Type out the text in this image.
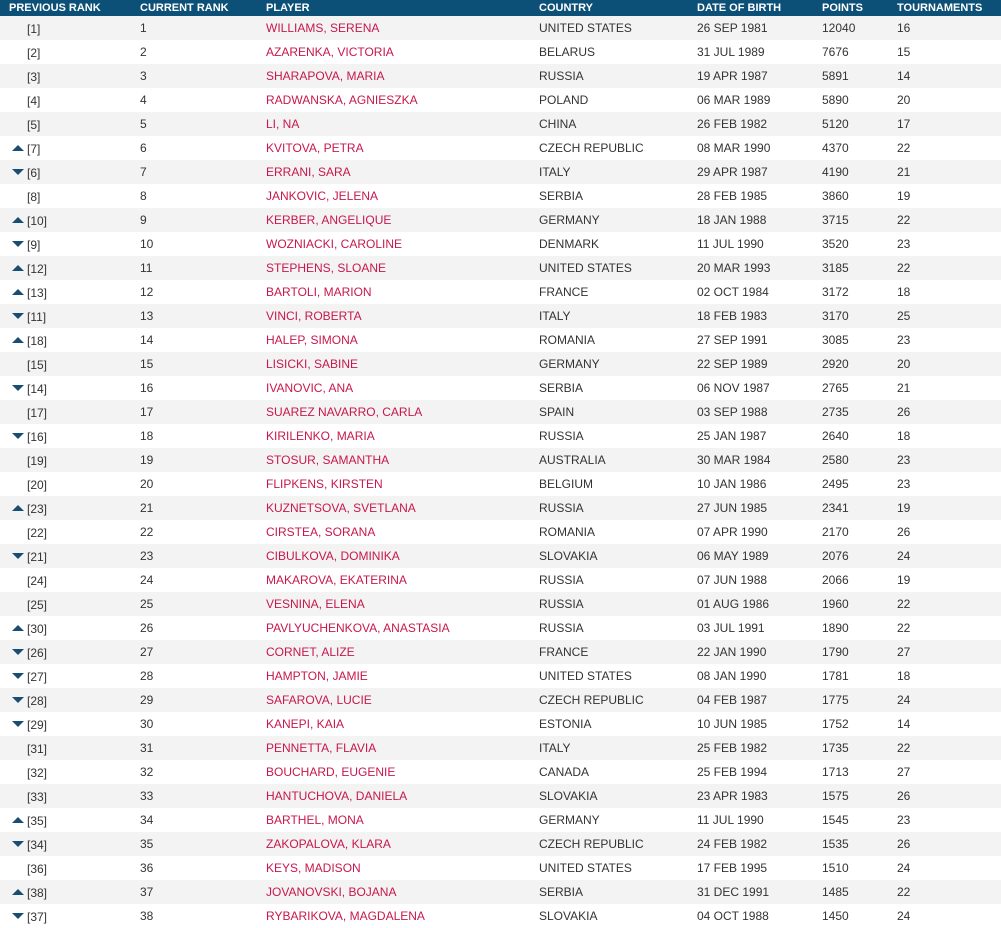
PREVIOUS RANK	CURRENT RANK	PLAYER	COUNTRY	DATE OF BIRTH	POINTS	TOURNAMENTS
[1]	1	WILLIAMS, SERENA	UNITED STATES	26 SEP 1981	12040	16
[2]	2	AZARENKA, VICTORIA	BELARUS	31 JUL 1989	7676	15
[3]	3	SHARAPOVA, MARIA	RUSSIA	19 APR 1987	5891	14
[4]	4	RADWANSKA, AGNIESZKA	POLAND	06 MAR 1989	5890	20
[5]	5	LI, NA	CHINA	26 FEB 1982	5120	17
[7]	6	KVITOVA, PETRA	CZECH REPUBLIC	08 MAR 1990	4370	22
[6]	7	ERRANI, SARA	ITALY	29 APR 1987	4190	21
[8]	8	JANKOVIC, JELENA	SERBIA	28 FEB 1985	3860	19
[10]	9	KERBER, ANGELIQUE	GERMANY	18 JAN 1988	3715	22
[9]	10	WOZNIACKI, CAROLINE	DENMARK	11 JUL 1990	3520	23
[12]	11	STEPHENS, SLOANE	UNITED STATES	20 MAR 1993	3185	22
[13]	12	BARTOLI, MARION	FRANCE	02 OCT 1984	3172	18
[11]	13	VINCI, ROBERTA	ITALY	18 FEB 1983	3170	25
[18]	14	HALEP, SIMONA	ROMANIA	27 SEP 1991	3085	23
[15]	15	LISICKI, SABINE	GERMANY	22 SEP 1989	2920	20
[14]	16	IVANOVIC, ANA	SERBIA	06 NOV 1987	2765	21
[17]	17	SUAREZ NAVARRO, CARLA	SPAIN	03 SEP 1988	2735	26
[16]	18	KIRILENKO, MARIA	RUSSIA	25 JAN 1987	2640	18
[19]	19	STOSUR, SAMANTHA	AUSTRALIA	30 MAR 1984	2580	23
[20]	20	FLIPKENS, KIRSTEN	BELGIUM	10 JAN 1986	2495	23
[23]	21	KUZNETSOVA, SVETLANA	RUSSIA	27 JUN 1985	2341	19
[22]	22	CIRSTEA, SORANA	ROMANIA	07 APR 1990	2170	26
[21]	23	CIBULKOVA, DOMINIKA	SLOVAKIA	06 MAY 1989	2076	24
[24]	24	MAKAROVA, EKATERINA	RUSSIA	07 JUN 1988	2066	19
[25]	25	VESNINA, ELENA	RUSSIA	01 AUG 1986	1960	22
[30]	26	PAVLYUCHENKOVA, ANASTASIA	RUSSIA	03 JUL 1991	1890	22
[26]	27	CORNET, ALIZE	FRANCE	22 JAN 1990	1790	27
[27]	28	HAMPTON, JAMIE	UNITED STATES	08 JAN 1990	1781	18
[28]	29	SAFAROVA, LUCIE	CZECH REPUBLIC	04 FEB 1987	1775	24
[29]	30	KANEPI, KAIA	ESTONIA	10 JUN 1985	1752	14
[31]	31	PENNETTA, FLAVIA	ITALY	25 FEB 1982	1735	22
[32]	32	BOUCHARD, EUGENIE	CANADA	25 FEB 1994	1713	27
[33]	33	HANTUCHOVA, DANIELA	SLOVAKIA	23 APR 1983	1575	26
[35]	34	BARTHEL, MONA	GERMANY	11 JUL 1990	1545	23
[34]	35	ZAKOPALOVA, KLARA	CZECH REPUBLIC	24 FEB 1982	1535	26
[36]	36	KEYS, MADISON	UNITED STATES	17 FEB 1995	1510	24
[38]	37	JOVANOVSKI, BOJANA	SERBIA	31 DEC 1991	1485	22
[37]	38	RYBARIKOVA, MAGDALENA	SLOVAKIA	04 OCT 1988	1450	24
